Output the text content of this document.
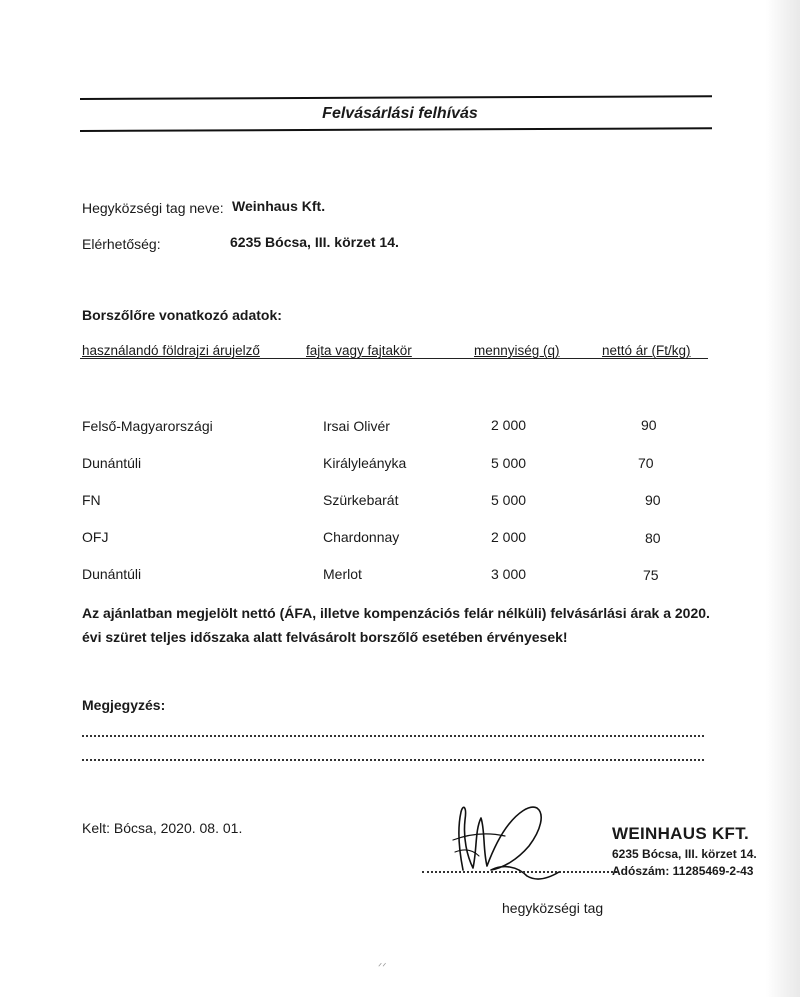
Felvásárlási felhívás
Hegyközségi tag neve: Weinhaus Kft.
Elérhetőség:	6235 Bócsa, III. körzet 14.
Borszőlőre vonatkozó adatok:
használandó földrajzi árujelző	fajta vagy fajtakör	mennyiség (q)	nettó ár (Ft/kg)
Felső-Magyarországi	Irsai Olivér	2 000	90
Dunántúli	Királyleányka	5 000	70
FN	Szürkebarát	5 000	90
OFJ	Chardonnay	2 000	80
Dunántúli	Merlot	3 000	75
Az ajánlatban megjelölt nettó (ÁFA, illetve kompenzációs felár nélküli) felvásárlási árak a 2020. évi szüret teljes időszaka alatt felvásárolt borszőlő esetében érvényesek!
Megjegyzés:
Kelt: Bócsa, 2020. 08. 01.	WEINHAUS KFT.
6235 Bócsa, III. körzet 14.
Adószám: 11285469-2-43
hegyközségi tag
ᐟᐟ
